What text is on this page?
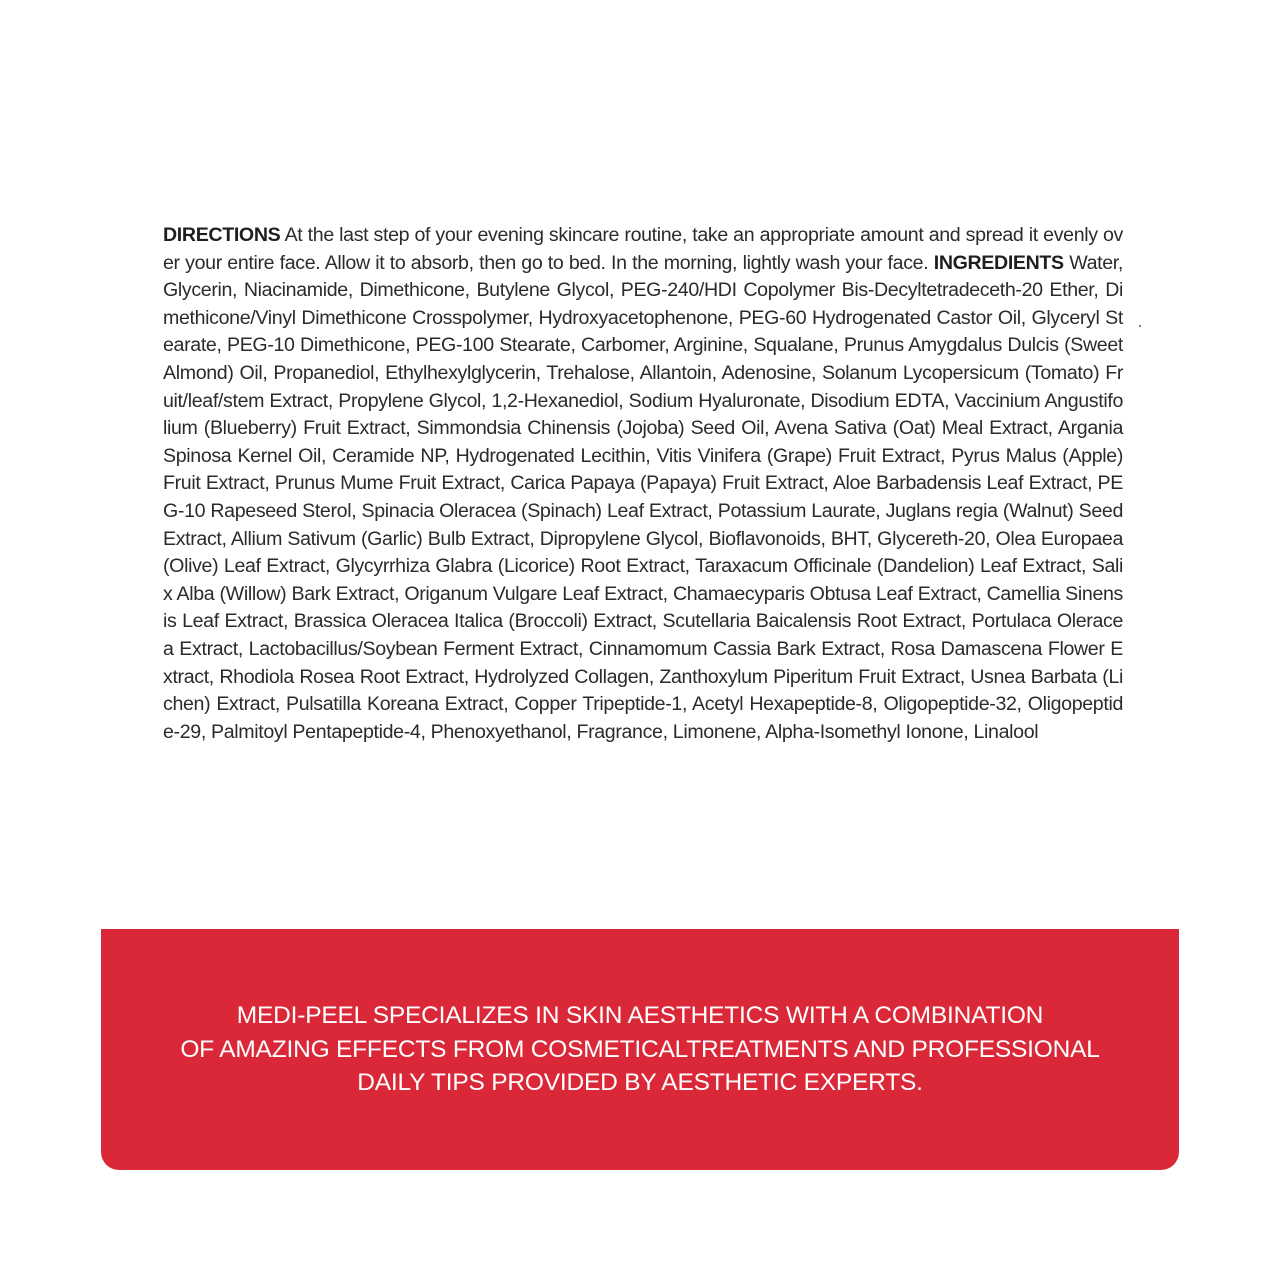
DIRECTIONS At the last step of your evening skincare routine, take an appropriate amount and spread it evenly over your entire face. Allow it to absorb, then go to bed. In the morning, lightly wash your face. INGREDIENTS Water, Glycerin, Niacinamide, Dimethicone, Butylene Glycol, PEG-240/HDI Copolymer Bis-Decyltetradeceth-20 Ether, Dimethicone/Vinyl Dimethicone Crosspolymer, Hydroxyacetophenone, PEG-60 Hydrogenated Castor Oil, Glyceryl Stearate, PEG-10 Dimethicone, PEG-100 Stearate, Carbomer, Arginine, Squalane, Prunus Amygdalus Dulcis (Sweet Almond) Oil, Propanediol, Ethylhexylglycerin, Trehalose, Allantoin, Adenosine, Solanum Lycopersicum (Tomato) Fruit/leaf/stem Extract, Propylene Glycol, 1,2-Hexanediol, Sodium Hyaluronate, Disodium EDTA, Vaccinium Angustifolium (Blueberry) Fruit Extract, Simmondsia Chinensis (Jojoba) Seed Oil, Avena Sativa (Oat) Meal Extract, Argania Spinosa Kernel Oil, Ceramide NP, Hydrogenated Lecithin, Vitis Vinifera (Grape) Fruit Extract, Pyrus Malus (Apple) Fruit Extract, Prunus Mume Fruit Extract, Carica Papaya (Papaya) Fruit Extract, Aloe Barbadensis Leaf Extract, PEG-10 Rapeseed Sterol, Spinacia Oleracea (Spinach) Leaf Extract, Potassium Laurate, Juglans regia (Walnut) Seed Extract, Allium Sativum (Garlic) Bulb Extract, Dipropylene Glycol, Bioflavonoids, BHT, Glycereth-20, Olea Europaea (Olive) Leaf Extract, Glycyrrhiza Glabra (Licorice) Root Extract, Taraxacum Officinale (Dandelion) Leaf Extract, Salix Alba (Willow) Bark Extract, Origanum Vulgare Leaf Extract, Chamaecyparis Obtusa Leaf Extract, Camellia Sinensis Leaf Extract, Brassica Oleracea Italica (Broccoli) Extract, Scutellaria Baicalensis Root Extract, Portulaca Oleracea Extract, Lactobacillus/Soybean Ferment Extract, Cinnamomum Cassia Bark Extract, Rosa Damascena Flower Extract, Rhodiola Rosea Root Extract, Hydrolyzed Collagen, Zanthoxylum Piperitum Fruit Extract, Usnea Barbata (Lichen) Extract, Pulsatilla Koreana Extract, Copper Tripeptide-1, Acetyl Hexapeptide-8, Oligopeptide-32, Oligopeptide-29, Palmitoyl Pentapeptide-4, Phenoxyethanol, Fragrance, Limonene, Alpha-Isomethyl Ionone, Linalool

MEDI-PEEL SPECIALIZES IN SKIN AESTHETICS WITH A COMBINATION
OF AMAZING EFFECTS FROM COSMETICALTREATMENTS AND PROFESSIONAL
DAILY TIPS PROVIDED BY AESTHETIC EXPERTS.
